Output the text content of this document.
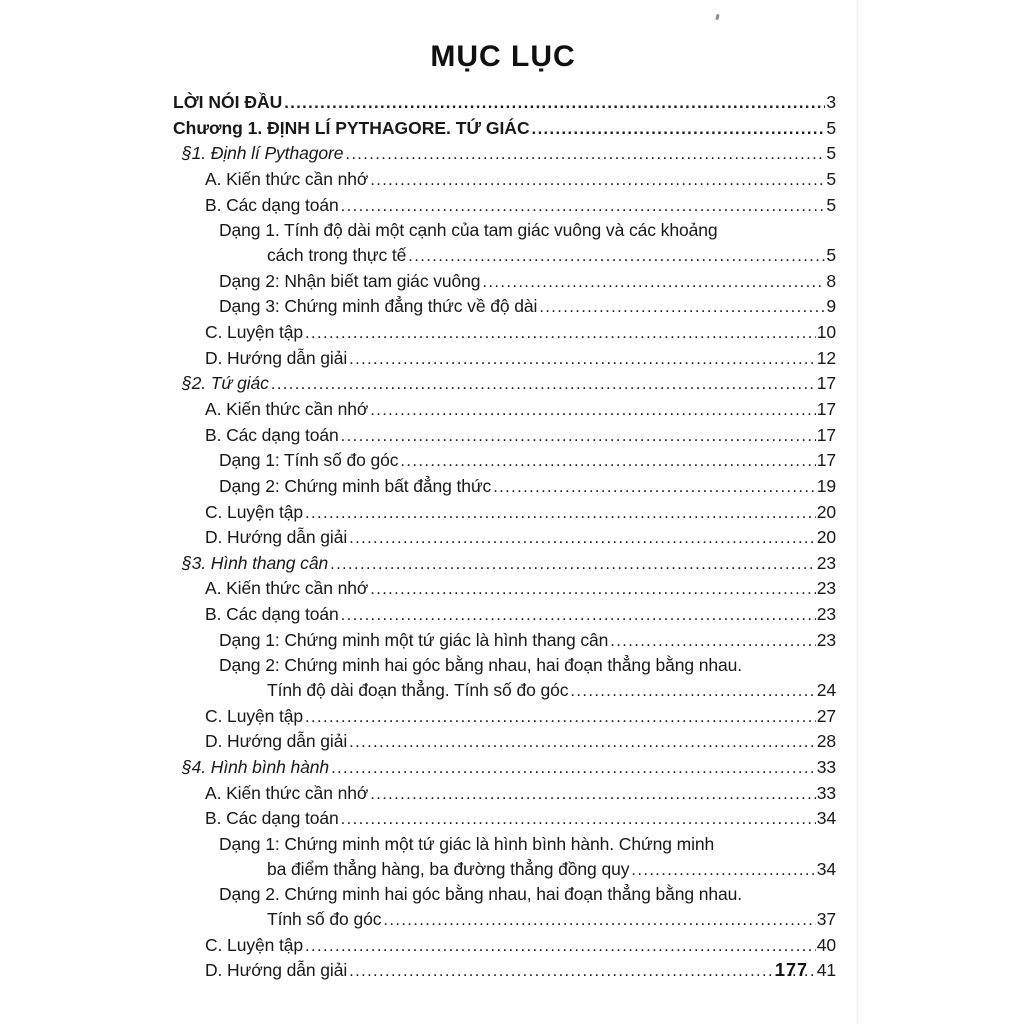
MỤC LỤC
LỜI NÓI ĐẦU .....	3
Chương 1. ĐỊNH LÍ PYTHAGORE. TỨ GIÁC .....	5
§1. Định lí Pythagore .....	5
A. Kiến thức cần nhớ .....	5
B. Các dạng toán .....	5
Dạng 1. Tính độ dài một cạnh của tam giác vuông và các khoảng
cách trong thực tế .....	5
Dạng 2: Nhận biết tam giác vuông .....	8
Dạng 3: Chứng minh đẳng thức về độ dài .....	9
C. Luyện tập .....	10
D. Hướng dẫn giải .....	12
§2. Tứ giác .....	17
A. Kiến thức cần nhớ .....	17
B. Các dạng toán .....	17
Dạng 1: Tính số đo góc .....	17
Dạng 2: Chứng minh bất đẳng thức .....	19
C. Luyện tập .....	20
D. Hướng dẫn giải .....	20
§3. Hình thang cân .....	23
A. Kiến thức cần nhớ .....	23
B. Các dạng toán .....	23
Dạng 1: Chứng minh một tứ giác là hình thang cân .....	23
Dạng 2: Chứng minh hai góc bằng nhau, hai đoạn thẳng bằng nhau.
Tính độ dài đoạn thẳng. Tính số đo góc .....	24
C. Luyện tập .....	27
D. Hướng dẫn giải .....	28
§4. Hình bình hành .....	33
A. Kiến thức cần nhớ .....	33
B. Các dạng toán .....	34
Dạng 1: Chứng minh một tứ giác là hình bình hành. Chứng minh
ba điểm thẳng hàng, ba đường thẳng đồng quy .....	34
Dạng 2. Chứng minh hai góc bằng nhau, hai đoạn thẳng bằng nhau.
Tính số đo góc .....	37
C. Luyện tập .....	40
D. Hướng dẫn giải .....	41
177
